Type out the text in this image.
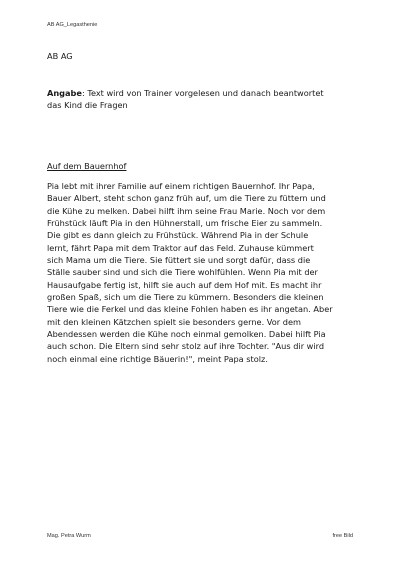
AB AG_Legasthenie
AB AG
Angabe: Text wird von Trainer vorgelesen und danach beantwortet
das Kind die Fragen
Auf dem Bauernhof
Pia lebt mit ihrer Familie auf einem richtigen Bauernhof. Ihr Papa,
Bauer Albert, steht schon ganz früh auf, um die Tiere zu füttern und
die Kühe zu melken. Dabei hilft ihm seine Frau Marie. Noch vor dem
Frühstück läuft Pia in den Hühnerstall, um frische Eier zu sammeln.
Die gibt es dann gleich zu Frühstück. Während Pia in der Schule
lernt, fährt Papa mit dem Traktor auf das Feld. Zuhause kümmert
sich Mama um die Tiere. Sie füttert sie und sorgt dafür, dass die
Ställe sauber sind und sich die Tiere wohlfühlen. Wenn Pia mit der
Hausaufgabe fertig ist, hilft sie auch auf dem Hof mit. Es macht ihr
großen Spaß, sich um die Tiere zu kümmern. Besonders die kleinen
Tiere wie die Ferkel und das kleine Fohlen haben es ihr angetan. Aber
mit den kleinen Kätzchen spielt sie besonders gerne. Vor dem
Abendessen werden die Kühe noch einmal gemolken. Dabei hilft Pia
auch schon. Die Eltern sind sehr stolz auf ihre Tochter. "Aus dir wird
noch einmal eine richtige Bäuerin!", meint Papa stolz.
Mag. Petra Wurm	free Bild
